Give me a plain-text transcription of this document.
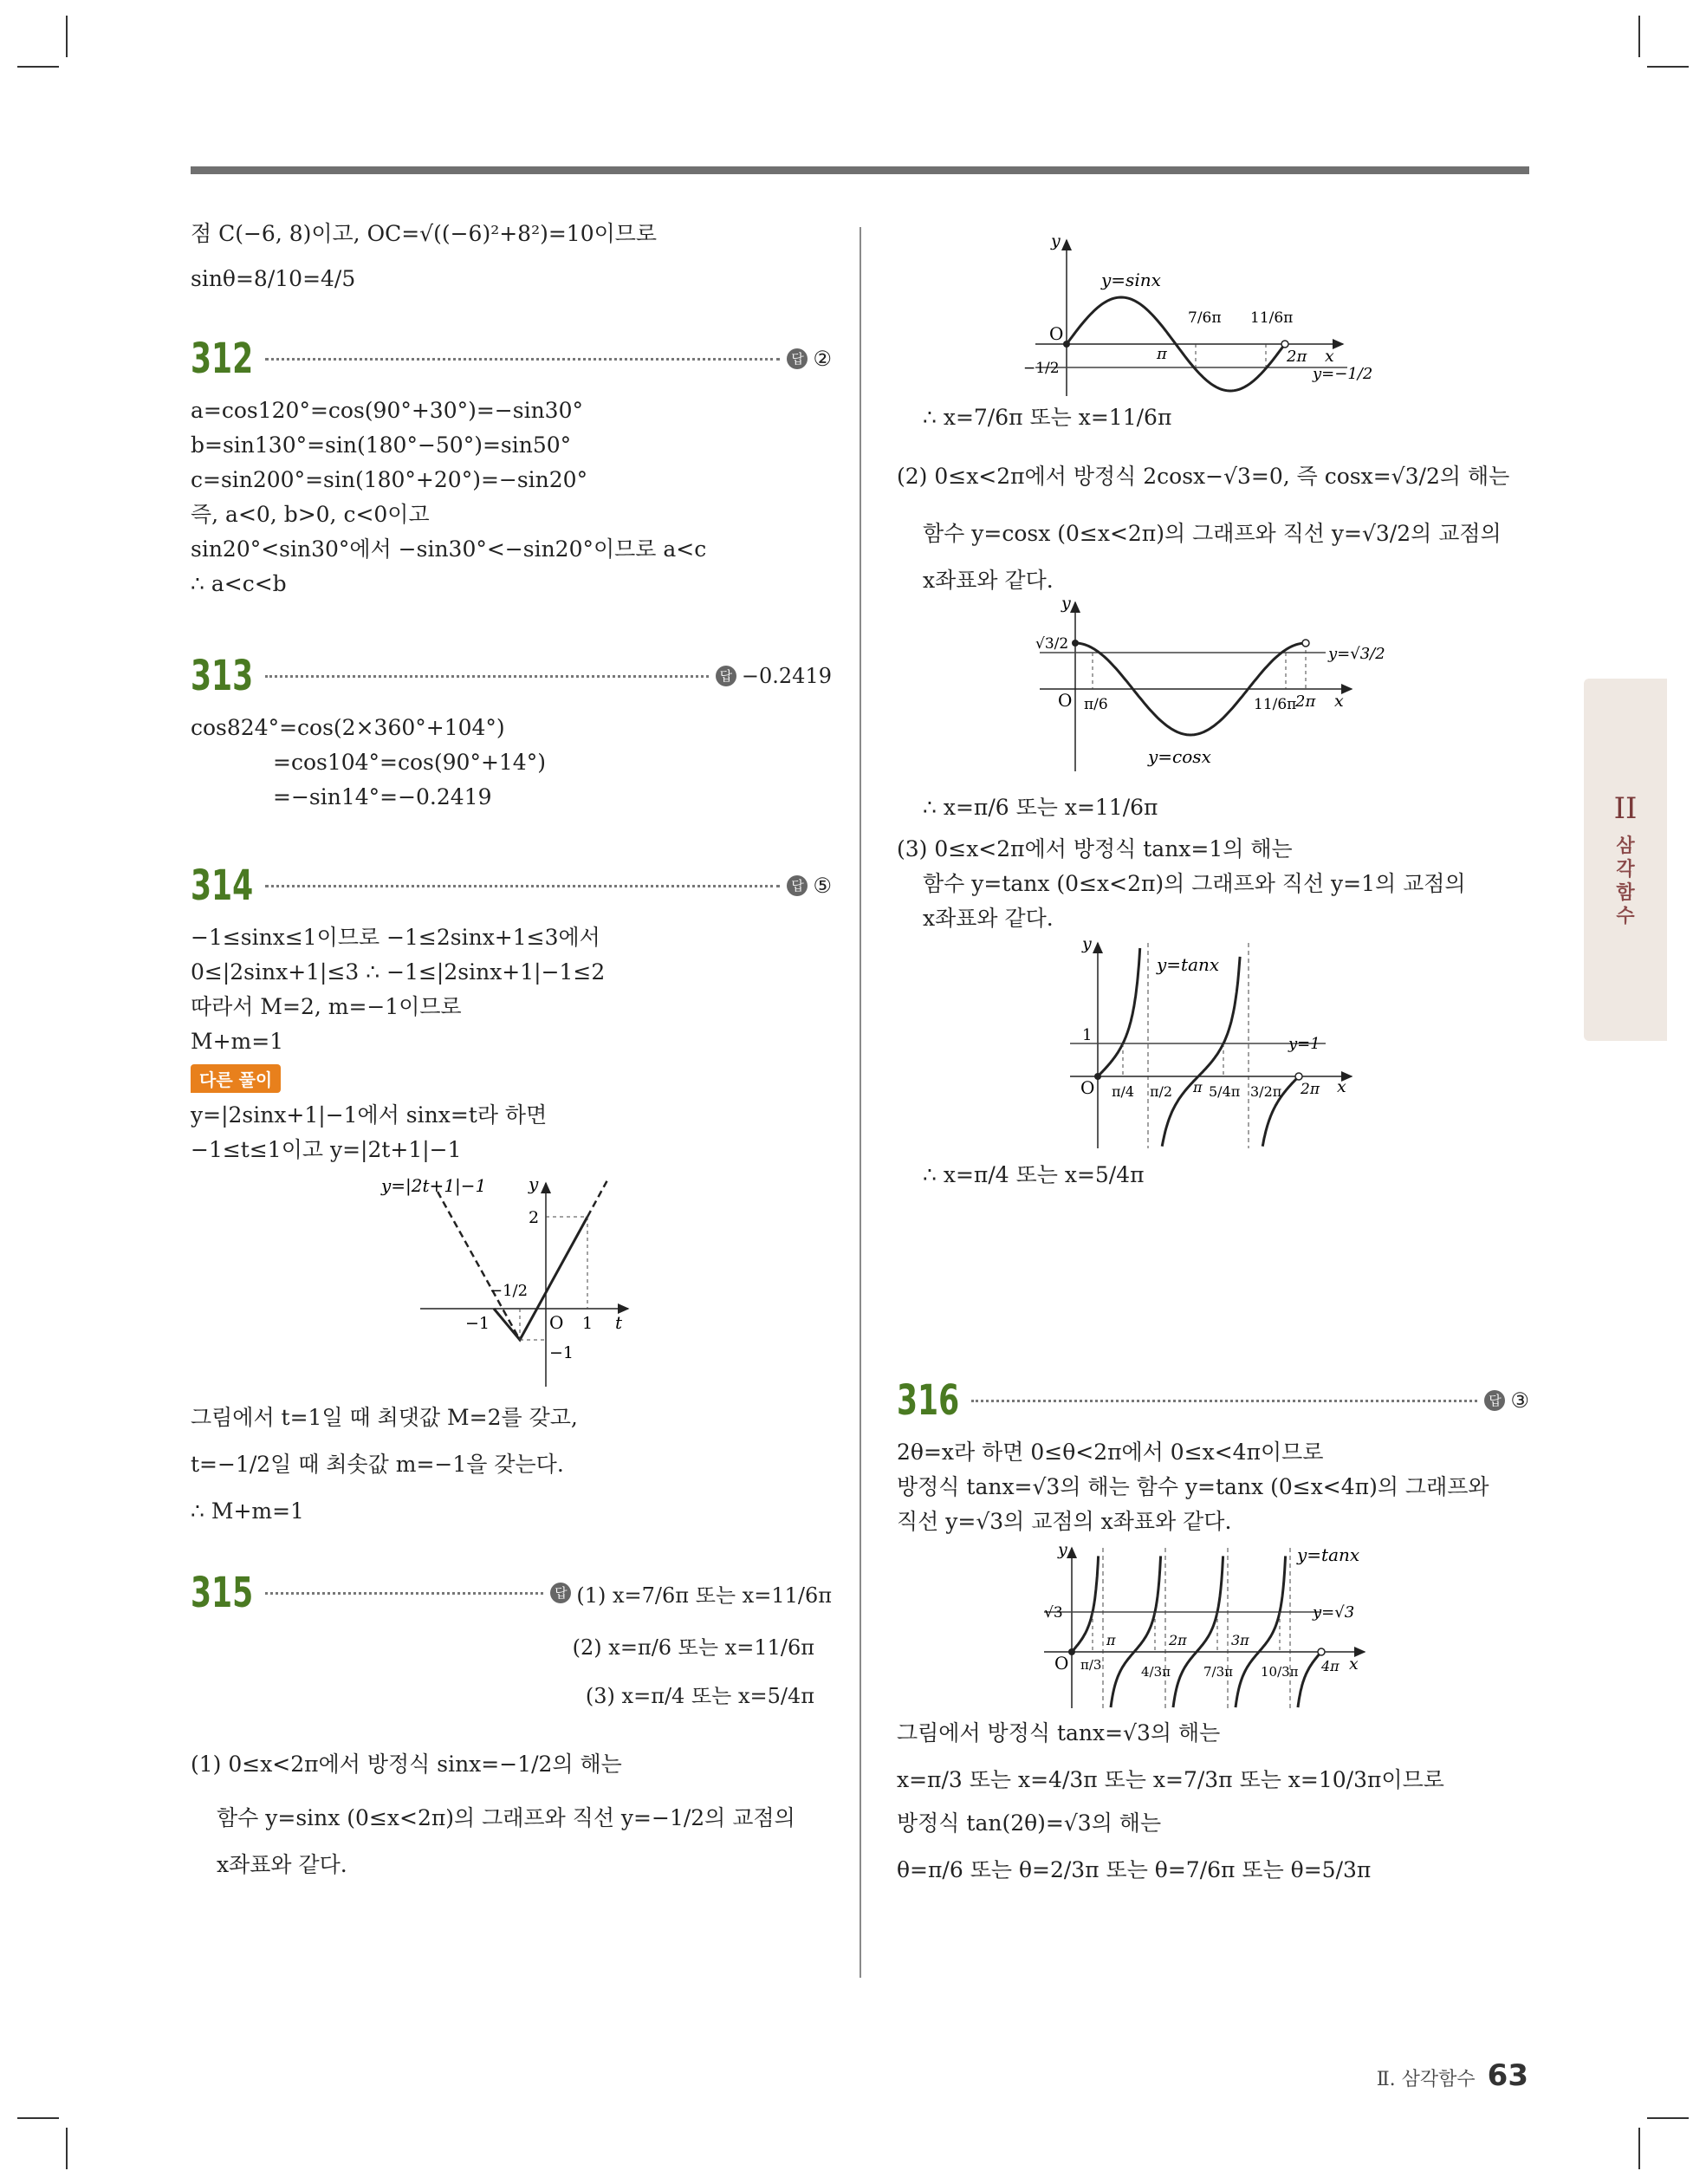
점 C(−6, 8)이고, OC=√((−6)²+8²)=10이므로
sinθ=8/10=4/5
312	답 ②
a=cos120°=cos(90°+30°)=−sin30°
b=sin130°=sin(180°−50°)=sin50°
c=sin200°=sin(180°+20°)=−sin20°
즉, a<0, b>0, c<0이고
sin20°<sin30°에서 −sin30°<−sin20°이므로 a<c
∴ a<c<b
313	답 −0.2419
cos824°=cos(2×360°+104°)
=cos104°=cos(90°+14°)
=−sin14°=−0.2419
314	답 ⑤
−1≤sinx≤1이므로 −1≤2sinx+1≤3에서
0≤|2sinx+1|≤3 ∴ −1≤|2sinx+1|−1≤2
따라서 M=2, m=−1이므로
M+m=1
다른 풀이
y=|2sinx+1|−1에서 sinx=t라 하면
−1≤t≤1이고 y=|2t+1|−1
y=|2t+1|−1 y
t
O
2
−1/2
−1	1
−1
그림에서 t=1일 때 최댓값 M=2를 갖고,
t=−1/2일 때 최솟값 m=−1을 갖는다.
∴ M+m=1
315	답 (1) x=7/6π 또는 x=11/6π
(2) x=π/6 또는 x=11/6π
(3) x=π/4 또는 x=5/4π
(1) 0≤x<2π에서 방정식 sinx=−1/2의 해는
함수 y=sinx (0≤x<2π)의 그래프와 직선 y=−1/2의 교점의
x좌표와 같다.
y
y=sinx
7/6π 11/6π
π	2π x
O
−1/2	y=−1/2
∴ x=7/6π 또는 x=11/6π
(2) 0≤x<2π에서 방정식 2cosx−√3=0, 즉 cosx=√3/2의 해는
함수 y=cosx (0≤x<2π)의 그래프와 직선 y=√3/2의 교점의
x좌표와 같다.
y
√3/2
y=√3/2
O π/6	11/6π
2π x
y=cosx
∴ x=π/6 또는 x=11/6π
(3) 0≤x<2π에서 방정식 tanx=1의 해는
함수 y=tanx (0≤x<2π)의 그래프와 직선 y=1의 교점의
x좌표와 같다.
y
y=tanx
1	y=1
O π/4 π/2 π 5/4π 3/2π 2π x
∴ x=π/4 또는 x=5/4π
316	답 ③
2θ=x라 하면 0≤θ<2π에서 0≤x<4π이므로
방정식 tanx=√3의 해는 함수 y=tanx (0≤x<4π)의 그래프와
직선 y=√3의 교점의 x좌표와 같다.
y	y=tanx
√3	y=√3
O π/3	4/3π	7/3π 10/3π
π	2π	3π
4π x
그림에서 방정식 tanx=√3의 해는
x=π/3 또는 x=4/3π 또는 x=7/3π 또는 x=10/3π이므로
방정식 tan(2θ)=√3의 해는
θ=π/6 또는 θ=2/3π 또는 θ=7/6π 또는 θ=5/3π
II
삼
각
함
수
Ⅱ. 삼각함수 63
